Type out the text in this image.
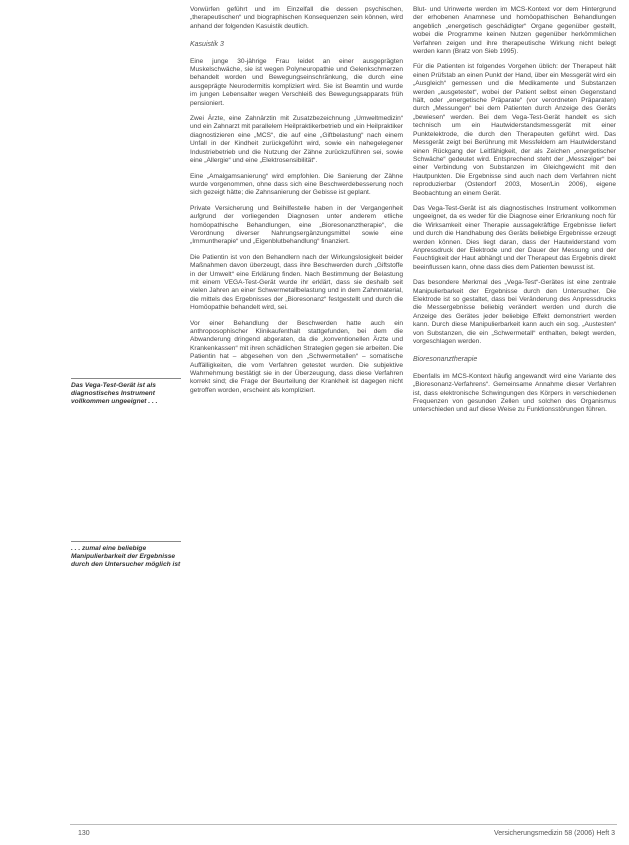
Vorwürfen geführt und im Einzelfall die dessen psychischen, „therapeutischen“ und biographischen Konsequenzen sein können, wird anhand der folgenden Kasuistik deutlich.

Kasuistik 3

Eine junge 30-jährige Frau leidet an einer ausgeprägten Muskelschwäche, sie ist wegen Polyneuropathie und Gelenkschmerzen behandelt worden und Bewegungseinschränkung, die durch eine ausgeprägte Neurodermitis kompliziert wird. Sie ist Beamtin und wurde im jungen Lebensalter wegen Verschleiß des Bewegungsapparats früh pensioniert.

Zwei Ärzte, eine Zahnärztin mit Zusatzbezeichnung „Umweltmedizin“ und ein Zahnarzt mit parallelem Heilpraktikerbetrieb und ein Heilpraktiker diagnostizieren eine „MCS“, die auf eine „Giftbelastung“ nach einem Unfall in der Kindheit zurückgeführt wird, sowie ein nahegelegener Industriebetrieb und die Nutzung der Zähne zurückzuführen sei, sowie eine „Allergie“ und eine „Elektrosensibilität“.

Eine „Amalgamsanierung“ wird empfohlen. Die Sanierung der Zähne wurde vorgenommen, ohne dass sich eine Beschwerdebesserung noch sich gezeigt hätte; die Zahnsanierung der Gebisse ist geplant.

Private Versicherung und Beihilfestelle haben in der Vergangenheit aufgrund der vorliegenden Diagnosen unter anderem etliche homöopathische Behandlungen, eine „Bioresonanztherapie“, die Verordnung diverser Nahrungsergänzungsmittel sowie eine „Immuntherapie“ und „Eigenblutbehandlung“ finanziert.

Die Patientin ist von den Behandlern nach der Wirkungslosigkeit beider Maßnahmen davon überzeugt, dass ihre Beschwerden durch „Giftstoffe in der Umwelt“ eine Erklärung finden. Nach Bestimmung der Belastung mit einem VEGA-Test-Gerät wurde ihr erklärt, dass sie deshalb seit vielen Jahren an einer Schwermetallbelastung und in dem Zahnmaterial, die mittels des Ergebnisses der „Bioresonanz“ festgestellt und durch die Homöopathie behandelt wird, sei.

Vor einer Behandlung der Beschwerden hatte auch ein anthroposophischer Klinikaufenthalt stattgefunden, bei dem die Abwanderung dringend abgeraten, da die „konventionellen Ärzte und Krankenkassen“ mit ihren schädlichen Strategien gegen sie arbeiten. Die Patientin hat – abgesehen von den „Schwermetallen“ – somatische Auffälligkeiten, die vom Verfahren getestet wurden. Die subjektive Wahrnehmung bestätigt sie in der Überzeugung, dass diese Verfahren korrekt sind; die Frage der Beurteilung der Krankheit ist dagegen nicht getroffen worden, erscheint als kompliziert.

Blut- und Urinwerte werden im MCS-Kontext vor dem Hintergrund der erhobenen Anamnese und homöopathischen Behandlungen angeblich „energetisch geschädigter“ Organe gegenüber gestellt, wobei die Programme keinen Nutzen gegenüber herkömmlichen Verfahren zeigen und ihre therapeutische Wirkung nicht belegt werden kann (Bratz von Sieb 1995).

Für die Patienten ist folgendes Vorgehen üblich: der Therapeut hält einen Prüfstab an einen Punkt der Hand, über ein Messgerät wird ein „Ausgleich“ gemessen und die Medikamente und Substanzen werden „ausgetestet“, wobei der Patient selbst einen Gegenstand hält, oder „energetische Präparate“ (vor verordneten Präparaten) durch „Messungen“ bei dem Patienten durch Anzeige des Geräts „bewiesen“ werden. Bei dem Vega-Test-Gerät handelt es sich technisch um ein Hautwiderstandsmessgerät mit einer Punktelektrode, die durch den Therapeuten geführt wird. Das Messgerät zeigt bei Berührung mit Messfeldern am Hautwiderstand einen Rückgang der Leitfähigkeit, der als Zeichen „energetischer Schwäche“ gedeutet wird. Entsprechend steht der „Messzeiger“ bei einer Verbindung von Substanzen im Gleichgewicht mit den Hautpunkten. Die Ergebnisse sind auch nach dem Verfahren nicht reproduzierbar (Ostendorf 2003, Moser/Lin 2006), eigene Beobachtung an einem Gerät.

Das Vega-Test-Gerät ist als diagnostisches Instrument vollkommen ungeeignet, da es weder für die Diagnose einer Erkrankung noch für die Wirksamkeit einer Therapie aussagekräftige Ergebnisse liefert und durch die Handhabung des Geräts beliebige Ergebnisse erzeugt werden können. Dies liegt daran, dass der Hautwiderstand vom Anpressdruck der Elektrode und der Dauer der Messung und der Feuchtigkeit der Haut abhängt und der Therapeut das Ergebnis direkt beeinflussen kann, ohne dass dies dem Patienten bewusst ist.

Das besondere Merkmal des „Vega-Test“-Gerätes ist eine zentrale Manipulierbarkeit der Ergebnisse durch den Untersucher. Die Elektrode ist so gestaltet, dass bei Veränderung des Anpressdrucks die Messergebnisse beliebig verändert werden und durch die Anzeige des Gerätes jeder beliebige Effekt demonstriert werden kann. Durch diese Manipulierbarkeit kann auch ein sog. „Austesten“ von Substanzen, die ein „Schwermetall“ enthalten, belegt werden, vorgeschlagen werden.

Bioresonanztherapie

Ebenfalls im MCS-Kontext häufig angewandt wird eine Variante des „Bioresonanz-Verfahrens“. Gemeinsame Annahme dieser Verfahren ist, dass elektronische Schwingungen des Körpers in verschiedenen Frequenzen von gesunden Zellen und solchen des Organismus unterschieden und auf diese Weise zu Funktionsstörungen führen.

Das Vega-Test-Gerät ist als diagnostisches Instrument vollkommen ungeeignet . . .
. . . zumal eine beliebige Manipulierbarkeit der Ergebnisse durch den Untersucher möglich ist
130	Versicherungsmedizin 58 (2006) Heft 3
